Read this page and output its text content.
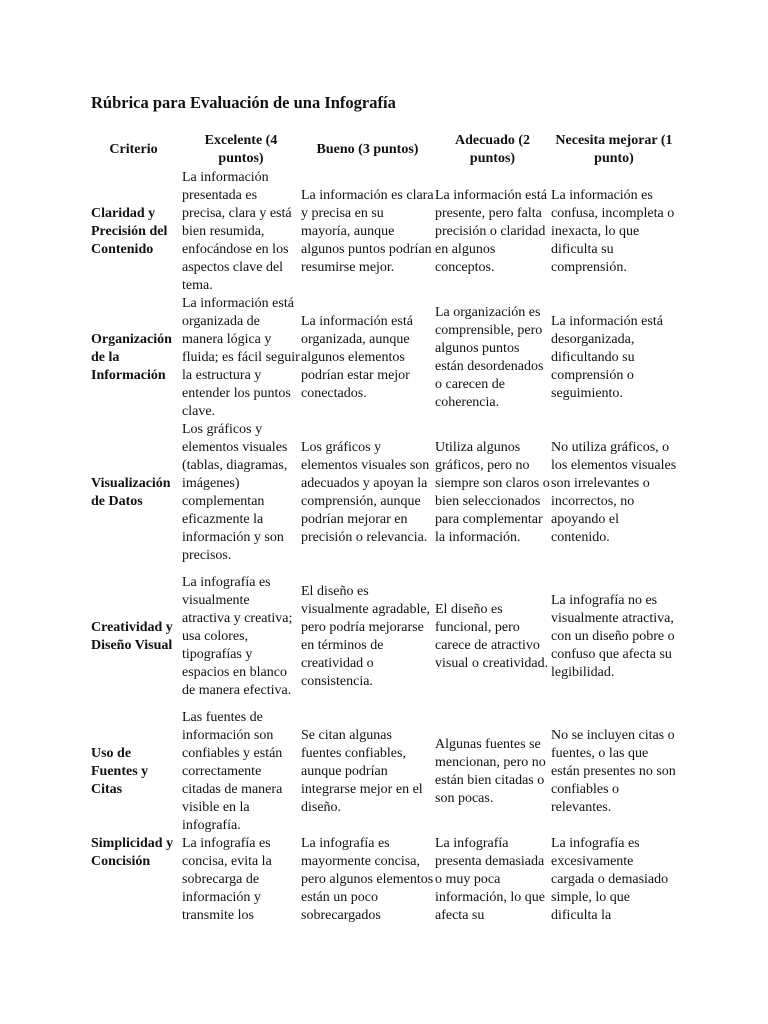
Rúbrica para Evaluación de una Infografía
Criterio	Excelente (4 puntos)	Bueno (3 puntos)	Adecuado (2 puntos)	Necesita mejorar (1 punto)
Claridad y Precisión del Contenido	La información presentada es precisa, clara y está bien resumida, enfocándose en los aspectos clave del tema.	La información es clara y precisa en su mayoría, aunque algunos puntos podrían resumirse mejor.	La información está presente, pero falta precisión o claridad en algunos conceptos.	La información es confusa, incompleta o inexacta, lo que dificulta su comprensión.
Organización de la Información	La información está organizada de manera lógica y fluida; es fácil seguir la estructura y entender los puntos clave.	La información está organizada, aunque algunos elementos podrían estar mejor conectados.	La organización es comprensible, pero algunos puntos están desordenados o carecen de coherencia.	La información está desorganizada, dificultando su comprensión o seguimiento.
Visualización de Datos	Los gráficos y elementos visuales (tablas, diagramas, imágenes) complementan eficazmente la información y son precisos.	Los gráficos y elementos visuales son adecuados y apoyan la comprensión, aunque podrían mejorar en precisión o relevancia.	Utiliza algunos gráficos, pero no siempre son claros o bien seleccionados para complementar la información.	No utiliza gráficos, o los elementos visuales son irrelevantes o incorrectos, no apoyando el contenido.
Creatividad y Diseño Visual	La infografía es visualmente atractiva y creativa; usa colores, tipografías y espacios en blanco de manera efectiva.	El diseño es visualmente agradable, pero podría mejorarse en términos de creatividad o consistencia.	El diseño es funcional, pero carece de atractivo visual o creatividad.	La infografía no es visualmente atractiva, con un diseño pobre o confuso que afecta su legibilidad.
Uso de Fuentes y Citas	Las fuentes de información son confiables y están correctamente citadas de manera visible en la infografía.	Se citan algunas fuentes confiables, aunque podrían integrarse mejor en el diseño.	Algunas fuentes se mencionan, pero no están bien citadas o son pocas.	No se incluyen citas o fuentes, o las que están presentes no son confiables o relevantes.
Simplicidad y Concisión	La infografía es concisa, evita la sobrecarga de información y transmite los	La infografía es mayormente concisa, pero algunos elementos están un poco sobrecargados	La infografía presenta demasiada o muy poca información, lo que afecta su	La infografía es excesivamente cargada o demasiado simple, lo que dificulta la
